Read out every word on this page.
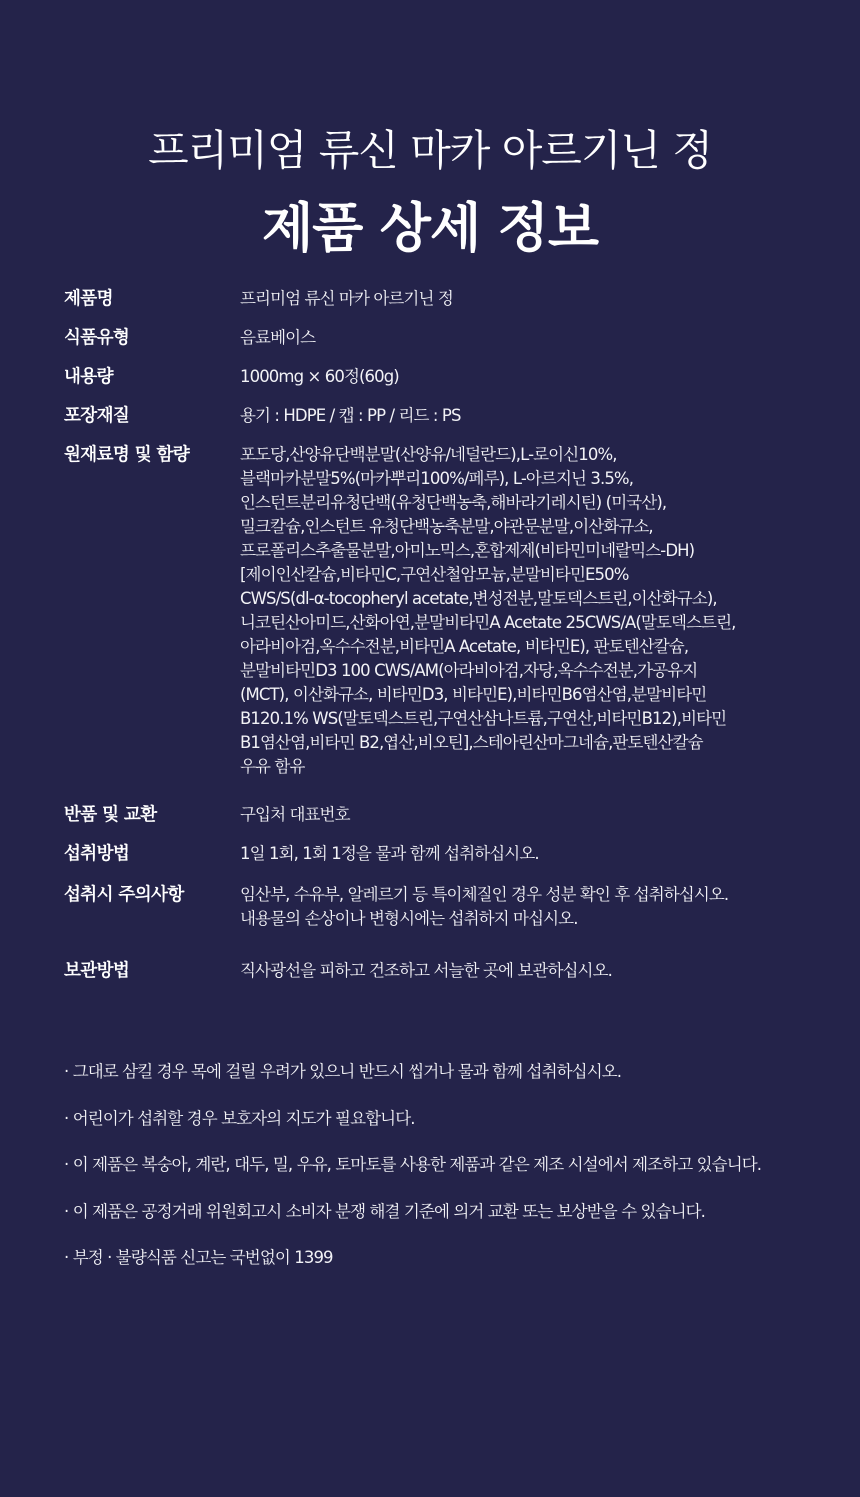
프리미엄 류신 마카 아르기닌 정
제품 상세 정보
제품명	프리미엄 류신 마카 아르기닌 정
식품유형	음료베이스
내용량	1000mg × 60정(60g)
포장재질	용기 : HDPE / 캡 : PP / 리드 : PS
원재료명 및 함량	포도당,산양유단백분말(산양유/네덜란드),L-로이신10%,
블랙마카분말5%(마카뿌리100%/페루), L-아르지닌 3.5%,
인스턴트분리유청단백(유청단백농축,해바라기레시틴) (미국산),
밀크칼슘,인스턴트 유청단백농축분말,야관문분말,이산화규소,
프로폴리스추출물분말,아미노믹스,혼합제제(비타민미네랄믹스-DH)
[제이인산칼슘,비타민C,구연산철암모늄,분말비타민E50%
CWS/S(dl-α-tocopheryl acetate,변성전분,말토덱스트린,이산화규소),
니코틴산아미드,산화아연,분말비타민A Acetate 25CWS/A(말토덱스트린,
아라비아검,옥수수전분,비타민A Acetate, 비타민E), 판토텐산칼슘,
분말비타민D3 100 CWS/AM(아라비아검,자당,옥수수전분,가공유지
(MCT), 이산화규소, 비타민D3, 비타민E),비타민B6염산염,분말비타민
B120.1% WS(말토덱스트린,구연산삼나트륨,구연산,비타민B12),비타민
B1염산염,비타민 B2,엽산,비오틴],스테아린산마그네슘,판토텐산칼슘
우유 함유
반품 및 교환	구입처 대표번호
섭취방법	1일 1회, 1회 1정을 물과 함께 섭취하십시오.
섭취시 주의사항	임산부, 수유부, 알레르기 등 특이체질인 경우 성분 확인 후 섭취하십시오.
내용물의 손상이나 변형시에는 섭취하지 마십시오.
보관방법	직사광선을 피하고 건조하고 서늘한 곳에 보관하십시오.
· 그대로 삼킬 경우 목에 걸릴 우려가 있으니 반드시 씹거나 물과 함께 섭취하십시오.
· 어린이가 섭취할 경우 보호자의 지도가 필요합니다.
· 이 제품은 복숭아, 계란, 대두, 밀, 우유, 토마토를 사용한 제품과 같은 제조 시설에서 제조하고 있습니다.
· 이 제품은 공정거래 위원회고시 소비자 분쟁 해결 기준에 의거 교환 또는 보상받을 수 있습니다.
· 부정 · 불량식품 신고는 국번없이 1399
